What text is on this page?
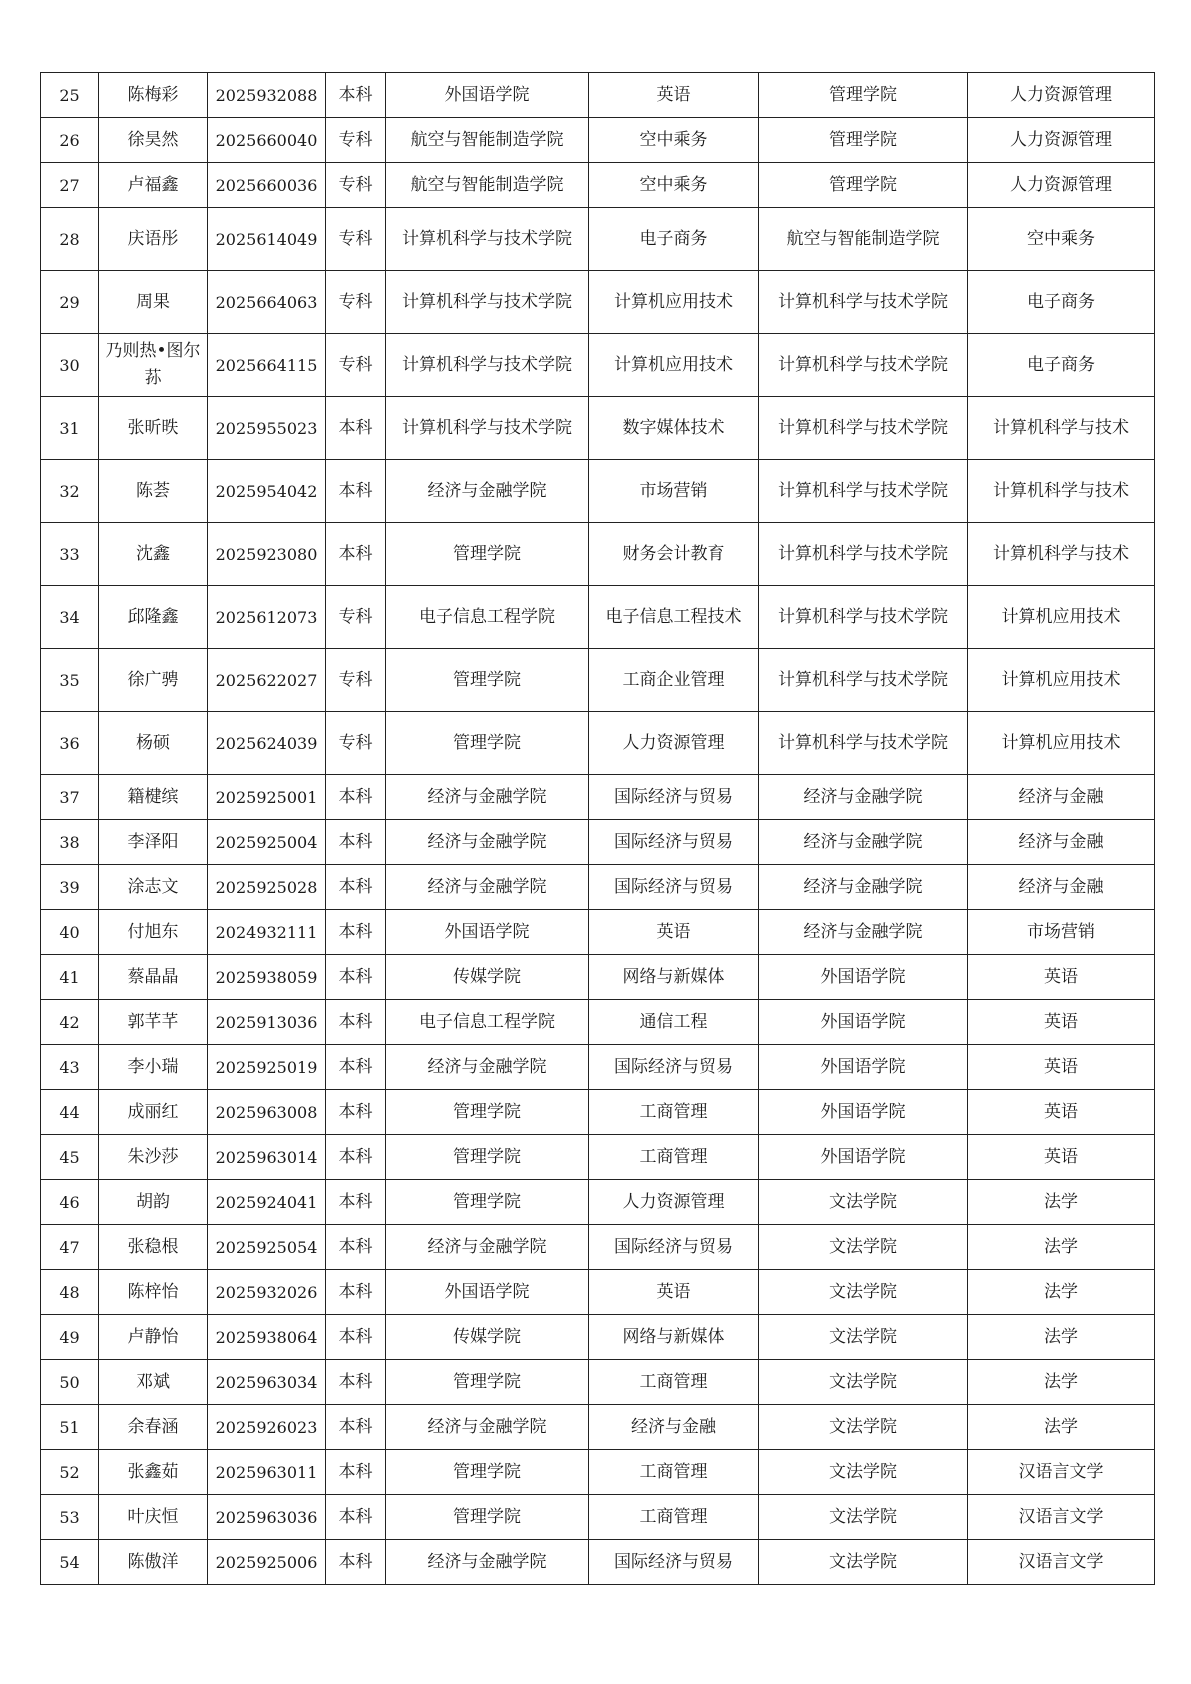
25	陈梅彩	2025932088	本科	外国语学院	英语	管理学院	人力资源管理
26	徐昊然	2025660040	专科	航空与智能制造学院	空中乘务	管理学院	人力资源管理
27	卢福鑫	2025660036	专科	航空与智能制造学院	空中乘务	管理学院	人力资源管理
28	庆语彤	2025614049	专科	计算机科学与技术学院	电子商务	航空与智能制造学院	空中乘务
29	周果	2025664063	专科	计算机科学与技术学院	计算机应用技术	计算机科学与技术学院	电子商务
30	乃则热•图尔荪	2025664115	专科	计算机科学与技术学院	计算机应用技术	计算机科学与技术学院	电子商务
31	张昕昳	2025955023	本科	计算机科学与技术学院	数字媒体技术	计算机科学与技术学院	计算机科学与技术
32	陈荟	2025954042	本科	经济与金融学院	市场营销	计算机科学与技术学院	计算机科学与技术
33	沈鑫	2025923080	本科	管理学院	财务会计教育	计算机科学与技术学院	计算机科学与技术
34	邱隆鑫	2025612073	专科	电子信息工程学院	电子信息工程技术	计算机科学与技术学院	计算机应用技术
35	徐广骋	2025622027	专科	管理学院	工商企业管理	计算机科学与技术学院	计算机应用技术
36	杨硕	2025624039	专科	管理学院	人力资源管理	计算机科学与技术学院	计算机应用技术
37	籍楗缤	2025925001	本科	经济与金融学院	国际经济与贸易	经济与金融学院	经济与金融
38	李泽阳	2025925004	本科	经济与金融学院	国际经济与贸易	经济与金融学院	经济与金融
39	涂志文	2025925028	本科	经济与金融学院	国际经济与贸易	经济与金融学院	经济与金融
40	付旭东	2024932111	本科	外国语学院	英语	经济与金融学院	市场营销
41	蔡晶晶	2025938059	本科	传媒学院	网络与新媒体	外国语学院	英语
42	郭芊芊	2025913036	本科	电子信息工程学院	通信工程	外国语学院	英语
43	李小瑞	2025925019	本科	经济与金融学院	国际经济与贸易	外国语学院	英语
44	成丽红	2025963008	本科	管理学院	工商管理	外国语学院	英语
45	朱沙莎	2025963014	本科	管理学院	工商管理	外国语学院	英语
46	胡韵	2025924041	本科	管理学院	人力资源管理	文法学院	法学
47	张稳根	2025925054	本科	经济与金融学院	国际经济与贸易	文法学院	法学
48	陈梓怡	2025932026	本科	外国语学院	英语	文法学院	法学
49	卢静怡	2025938064	本科	传媒学院	网络与新媒体	文法学院	法学
50	邓斌	2025963034	本科	管理学院	工商管理	文法学院	法学
51	余春涵	2025926023	本科	经济与金融学院	经济与金融	文法学院	法学
52	张鑫茹	2025963011	本科	管理学院	工商管理	文法学院	汉语言文学
53	叶庆恒	2025963036	本科	管理学院	工商管理	文法学院	汉语言文学
54	陈傲洋	2025925006	本科	经济与金融学院	国际经济与贸易	文法学院	汉语言文学
